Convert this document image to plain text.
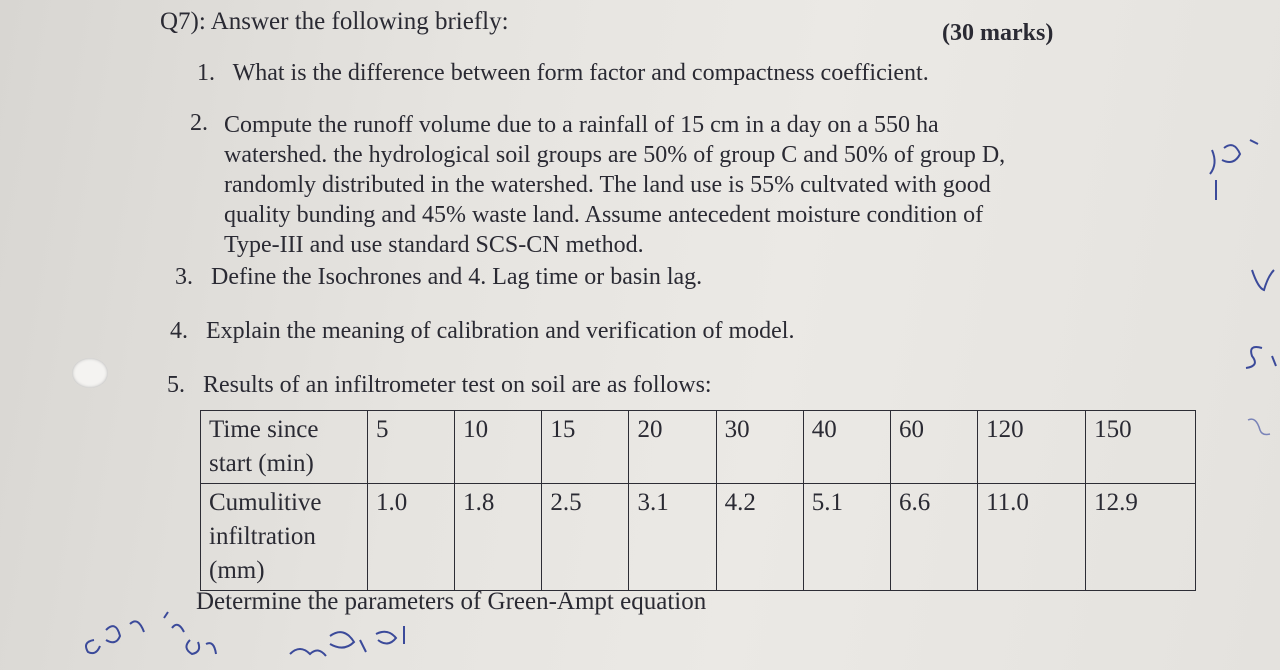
Q7): Answer the following briefly:	(30 marks)
1. What is the difference between form factor and compactness coefficient.
2. Compute the runoff volume due to a rainfall of 15 cm in a day on a 550 ha
watershed. the hydrological soil groups are 50% of group C and 50% of group D,
randomly distributed in the watershed. The land use is 55% cultvated with good
quality bunding and 45% waste land. Assume antecedent moisture condition of
Type-III and use standard SCS-CN method.
3. Define the Isochrones and 4. Lag time or basin lag.
4. Explain the meaning of calibration and verification of model.
5. Results of an infiltrometer test on soil are as follows:
Time since
start (min)	5	10	15	20	30	40	60	120	150

Cumulitive
infiltration
(mm)	1.0	1.8	2.5	3.1	4.2	5.1	6.6	11.0	12.9
Determine the parameters of Green-Ampt equation
